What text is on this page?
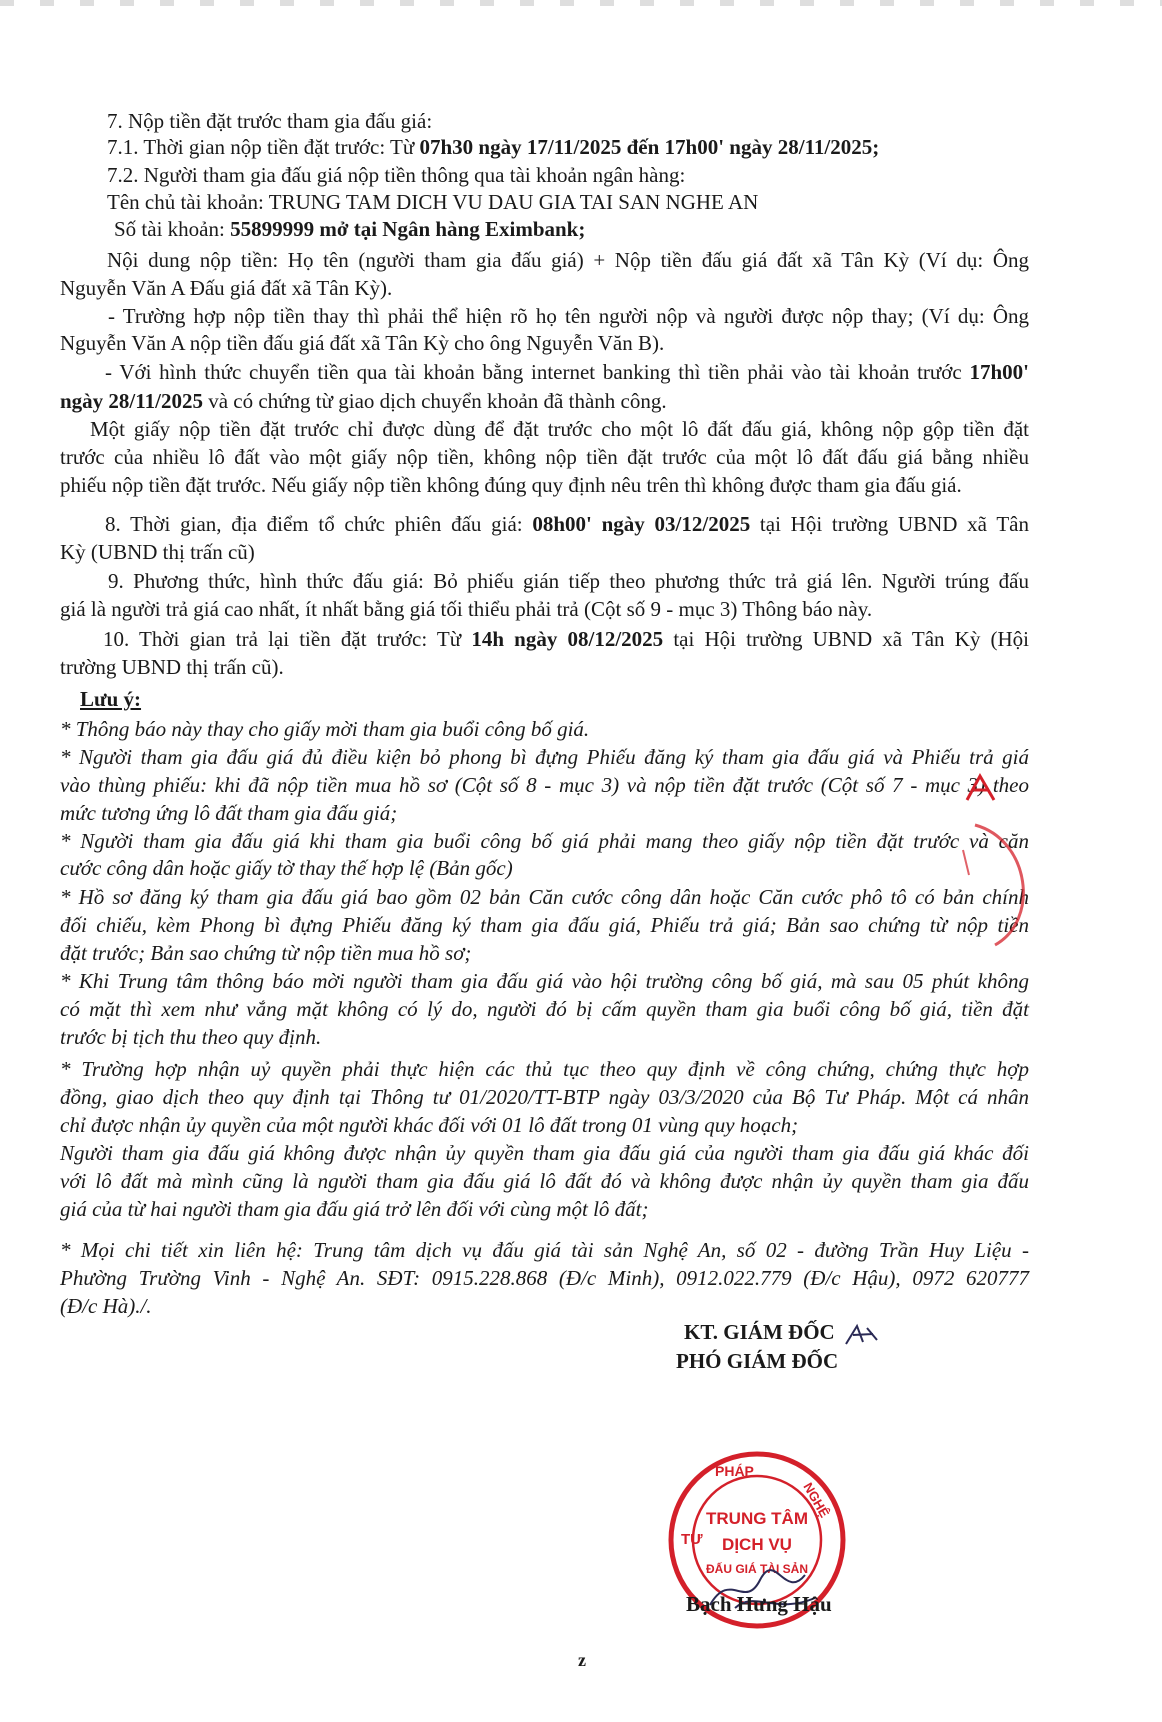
7. Nộp tiền đặt trước tham gia đấu giá:
7.1. Thời gian nộp tiền đặt trước: Từ 07h30 ngày 17/11/2025 đến 17h00' ngày 28/11/2025;
7.2. Người tham gia đấu giá nộp tiền thông qua tài khoản ngân hàng:
Tên chủ tài khoản: TRUNG TAM DICH VU DAU GIA TAI SAN NGHE AN
Số tài khoản: 55899999 mở tại Ngân hàng Eximbank;
Nội dung nộp tiền: Họ tên (người tham gia đấu giá) + Nộp tiền đấu giá đất xã Tân Kỳ (Ví dụ: Ông
Nguyễn Văn A Đấu giá đất xã Tân Kỳ).
- Trường hợp nộp tiền thay thì phải thể hiện rõ họ tên người nộp và người được nộp thay; (Ví dụ: Ông
Nguyễn Văn A nộp tiền đấu giá đất xã Tân Kỳ cho ông Nguyễn Văn B).
- Với hình thức chuyển tiền qua tài khoản bằng internet banking thì tiền phải vào tài khoản trước 17h00'
ngày 28/11/2025 và có chứng từ giao dịch chuyển khoản đã thành công.
Một giấy nộp tiền đặt trước chỉ được dùng để đặt trước cho một lô đất đấu giá, không nộp gộp tiền đặt
trước của nhiều lô đất vào một giấy nộp tiền, không nộp tiền đặt trước của một lô đất đấu giá bằng nhiều
phiếu nộp tiền đặt trước. Nếu giấy nộp tiền không đúng quy định nêu trên thì không được tham gia đấu giá.
8. Thời gian, địa điểm tổ chức phiên đấu giá: 08h00' ngày 03/12/2025 tại Hội trường UBND xã Tân
Kỳ (UBND thị trấn cũ)
9. Phương thức, hình thức đấu giá: Bỏ phiếu gián tiếp theo phương thức trả giá lên. Người trúng đấu
giá là người trả giá cao nhất, ít nhất bằng giá tối thiểu phải trả (Cột số 9 - mục 3) Thông báo này.
10. Thời gian trả lại tiền đặt trước: Từ 14h ngày 08/12/2025 tại Hội trường UBND xã Tân Kỳ (Hội
trường UBND thị trấn cũ).
Lưu ý:
* Thông báo này thay cho giấy mời tham gia buổi công bố giá.
* Người tham gia đấu giá đủ điều kiện bỏ phong bì đựng Phiếu đăng ký tham gia đấu giá và Phiếu trả giá
vào thùng phiếu: khi đã nộp tiền mua hồ sơ (Cột số 8 - mục 3) và nộp tiền đặt trước (Cột số 7 - mục 3) theo
mức tương ứng lô đất tham gia đấu giá;
* Người tham gia đấu giá khi tham gia buổi công bố giá phải mang theo giấy nộp tiền đặt trước và căn
cước công dân hoặc giấy tờ thay thế hợp lệ (Bản gốc)
* Hồ sơ đăng ký tham gia đấu giá bao gồm 02 bản Căn cước công dân hoặc Căn cước phô tô có bản chính
đối chiếu, kèm Phong bì đựng Phiếu đăng ký tham gia đấu giá, Phiếu trả giá; Bản sao chứng từ nộp tiền
đặt trước; Bản sao chứng từ nộp tiền mua hồ sơ;
* Khi Trung tâm thông báo mời người tham gia đấu giá vào hội trường công bố giá, mà sau 05 phút không
có mặt thì xem như vắng mặt không có lý do, người đó bị cấm quyền tham gia buổi công bố giá, tiền đặt
trước bị tịch thu theo quy định.
* Trường hợp nhận uỷ quyền phải thực hiện các thủ tục theo quy định về công chứng, chứng thực hợp
đồng, giao dịch theo quy định tại Thông tư 01/2020/TT-BTP ngày 03/3/2020 của Bộ Tư Pháp. Một cá nhân
chỉ được nhận ủy quyền của một người khác đối với 01 lô đất trong 01 vùng quy hoạch;
Người tham gia đấu giá không được nhận ủy quyền tham gia đấu giá của người tham gia đấu giá khác đối
với lô đất mà mình cũng là người tham gia đấu giá lô đất đó và không được nhận ủy quyền tham gia đấu
giá của từ hai người tham gia đấu giá trở lên đối với cùng một lô đất;
* Mọi chi tiết xin liên hệ: Trung tâm dịch vụ đấu giá tài sản Nghệ An, số 02 - đường Trần Huy Liệu -
Phường Trường Vinh - Nghệ An. SĐT: 0915.228.868 (Đ/c Minh), 0912.022.779 (Đ/c Hậu), 0972 620777
(Đ/c Hà)./.
KT. GIÁM ĐỐC
PHÓ GIÁM ĐỐC
TRUNG TÂM
DỊCH VỤ
ĐẤU GIÁ TÀI SẢN
TƯ
PHÁP
NGHỆ
Bạch Hưng Hậu
z
